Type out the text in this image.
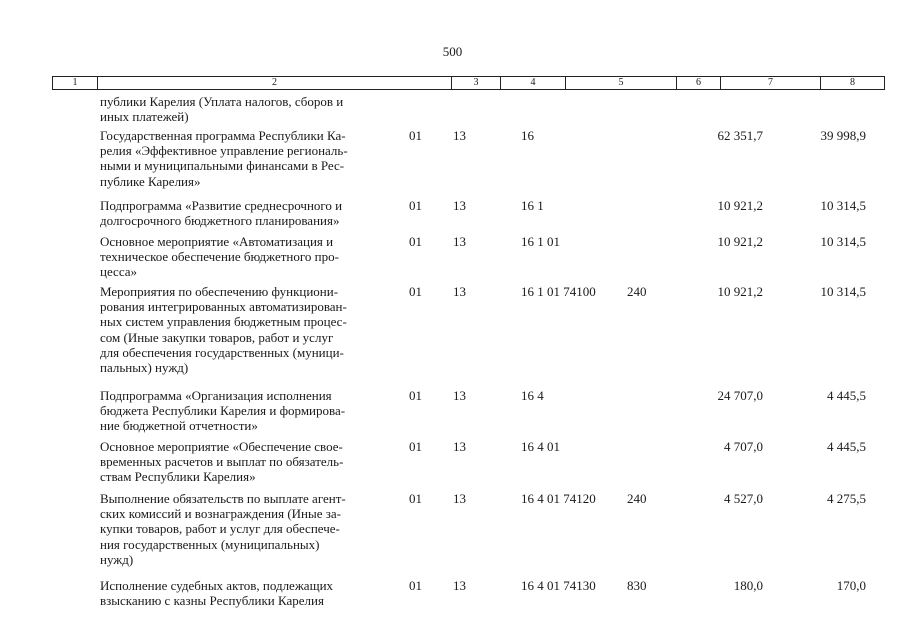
500
1	2	3	4	5	6	7	8
публики Карелия (Уплата налогов, сборов и
иных платежей)
Государственная программа Республики Ка-
релия «Эффективное управление региональ-
ными и муниципальными финансами в Рес-
публике Карелия»
01 13	16	62 351,7	39 998,9
Подпрограмма «Развитие среднесрочного и
долгосрочного бюджетного планирования»
01 13	16 1	10 921,2	10 314,5
Основное мероприятие «Автоматизация и
техническое обеспечение бюджетного про-
цесса»
01 13	16 1 01	10 921,2	10 314,5
Мероприятия по обеспечению функциони-
рования интегрированных автоматизирован-
ных систем управления бюджетным процес-
сом (Иные закупки товаров, работ и услуг
для обеспечения государственных (муници-
пальных) нужд)
01 13	16 1 01 74100 240	10 921,2	10 314,5
Подпрограмма «Организация исполнения
бюджета Республики Карелия и формирова-
ние бюджетной отчетности»
01 13	16 4	24 707,0	4 445,5
Основное мероприятие «Обеспечение свое-
временных расчетов и выплат по обязатель-
ствам Республики Карелия»
01 13	16 4 01	4 707,0	4 445,5
Выполнение обязательств по выплате агент-
ских комиссий и вознаграждения (Иные за-
купки товаров, работ и услуг для обеспече-
ния государственных (муниципальных)
нужд)
01 13	16 4 01 74120 240	4 527,0	4 275,5
Исполнение судебных актов, подлежащих
взысканию с казны Республики Карелия
01 13	16 4 01 74130 830	180,0	170,0
